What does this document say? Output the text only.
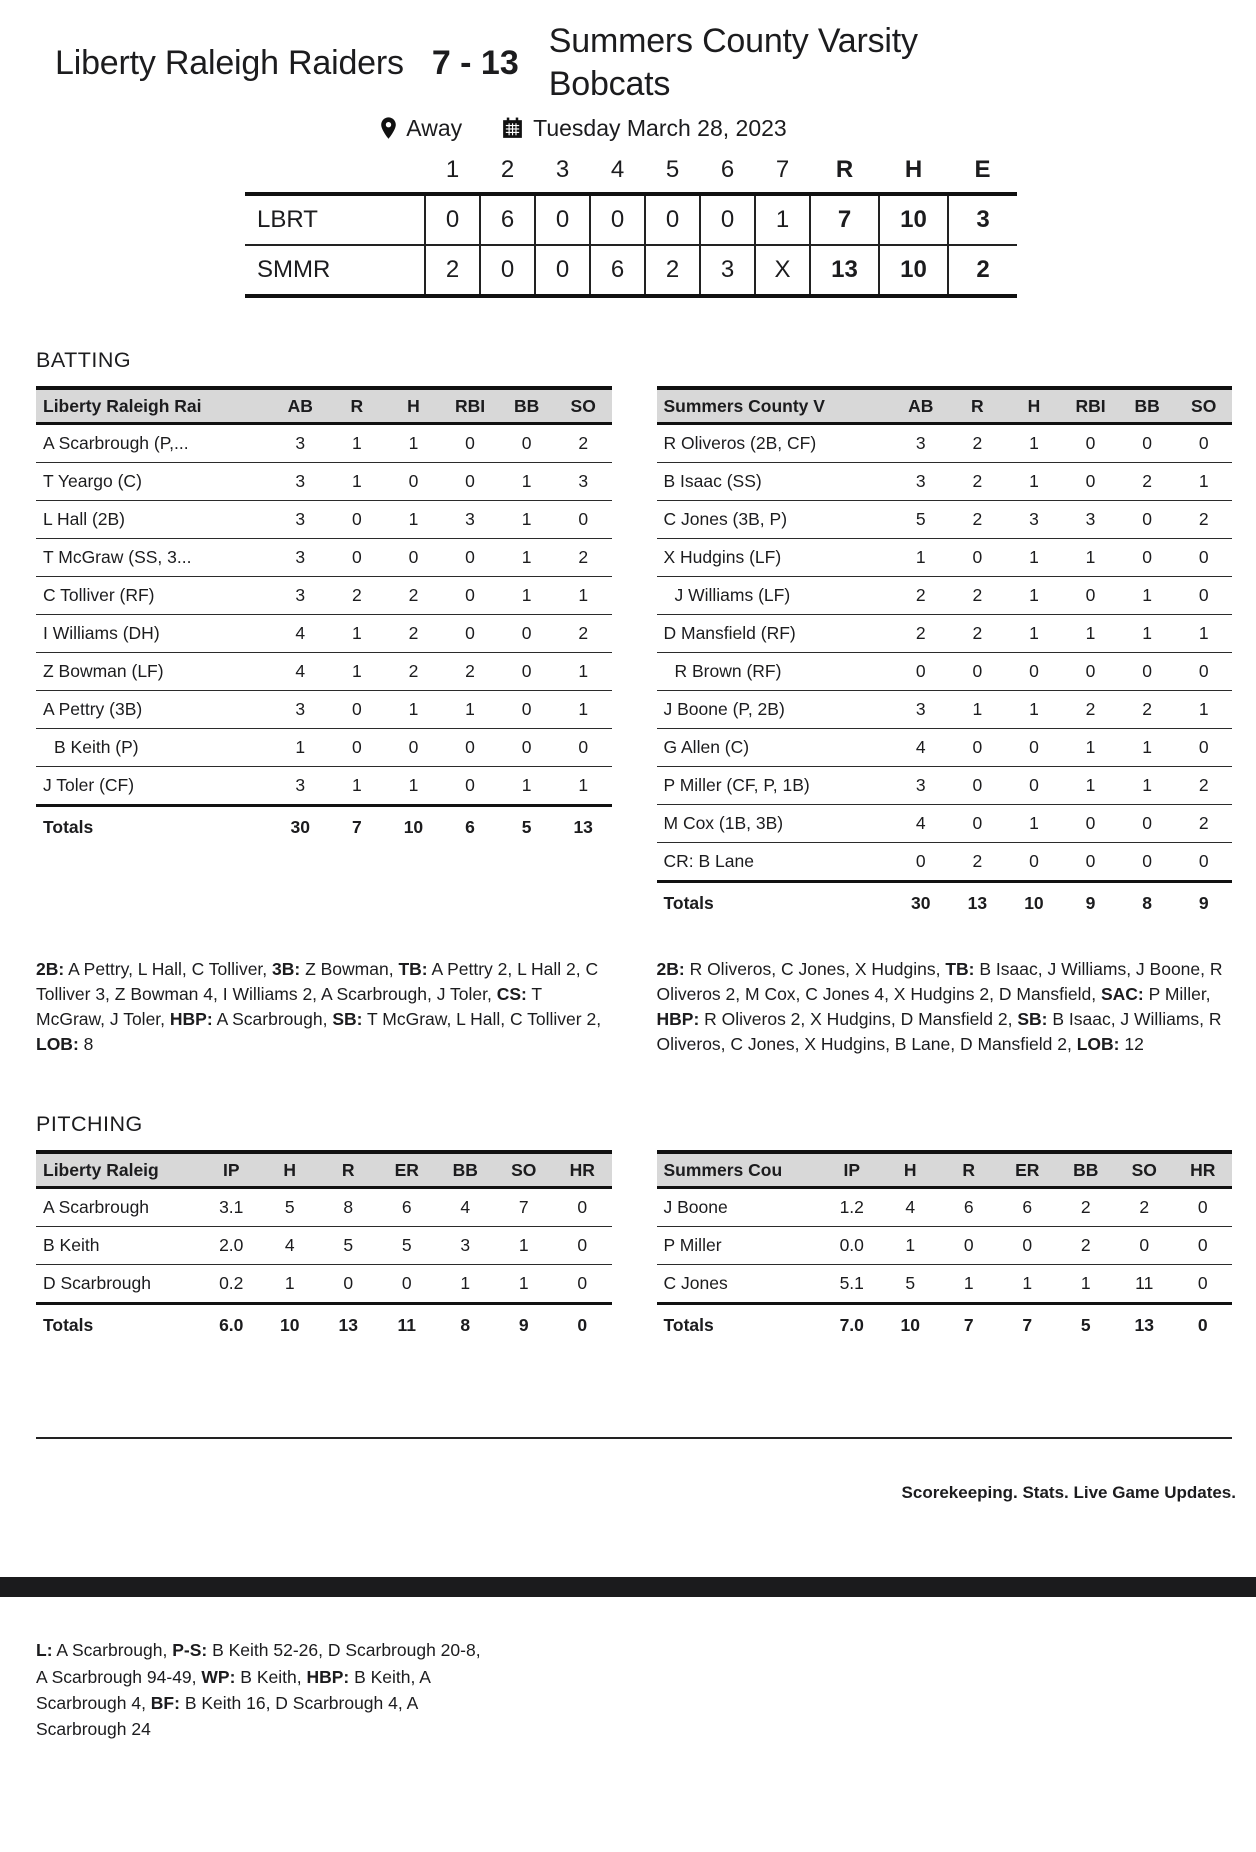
Liberty Raleigh Raiders 7 - 13
Summers County Varsity Bobcats
Away	Tuesday March 28, 2023
	1	2	3	4	5	6	7	R	H	E
LBRT	0	6	0	0	0	0	1	7	10	3
SMMR	2	0	0	6	2	3	X	13	10	2
BATTING
Liberty Raleigh Rai	AB	R	H	RBI	BB	SO
A Scarbrough (P,...	3	1	1	0	0	2
T Yeargo (C)	3	1	0	0	1	3
L Hall (2B)	3	0	1	3	1	0
T McGraw (SS, 3...	3	0	0	0	1	2
C Tolliver (RF)	3	2	2	0	1	1
I Williams (DH)	4	1	2	0	0	2
Z Bowman (LF)	4	1	2	2	0	1
A Pettry (3B)	3	0	1	1	0	1
B Keith (P)	1	0	0	0	0	0
J Toler (CF)	3	1	1	0	1	1
Totals	30	7	10	6	5	13
Summers County V	AB	R	H	RBI	BB	SO
R Oliveros (2B, CF)	3	2	1	0	0	0
B Isaac (SS)	3	2	1	0	2	1
C Jones (3B, P)	5	2	3	3	0	2
X Hudgins (LF)	1	0	1	1	0	0
J Williams (LF)	2	2	1	0	1	0
D Mansfield (RF)	2	2	1	1	1	1
R Brown (RF)	0	0	0	0	0	0
J Boone (P, 2B)	3	1	1	2	2	1
G Allen (C)	4	0	0	1	1	0
P Miller (CF, P, 1B)	3	0	0	1	1	2
M Cox (1B, 3B)	4	0	1	0	0	2
CR: B Lane	0	2	0	0	0	0
Totals	30	13	10	9	8	9

2B: A Pettry, L Hall, C Tolliver, 3B: Z Bowman, TB: A Pettry 2, L Hall 2, C Tolliver 3, Z Bowman 4, I Williams 2, A Scarbrough, J Toler, CS: T McGraw, J Toler, HBP: A Scarbrough, SB: T McGraw, L Hall, C Tolliver 2, LOB: 8

2B: R Oliveros, C Jones, X Hudgins, TB: B Isaac, J Williams, J Boone, R Oliveros 2, M Cox, C Jones 4, X Hudgins 2, D Mansfield, SAC: P Miller, HBP: R Oliveros 2, X Hudgins, D Mansfield 2, SB: B Isaac, J Williams, R Oliveros, C Jones, X Hudgins, B Lane, D Mansfield 2, LOB: 12

PITCHING
Liberty Raleig	IP	H	R	ER	BB	SO	HR
A Scarbrough	3.1	5	8	6	4	7	0
B Keith	2.0	4	5	5	3	1	0
D Scarbrough	0.2	1	0	0	1	1	0
Totals	6.0	10	13	11	8	9	0
Summers Cou	IP	H	R	ER	BB	SO	HR
J Boone	1.2	4	6	6	2	2	0
P Miller	0.0	1	0	0	2	0	0
C Jones	5.1	5	1	1	1	11	0
Totals	7.0	10	7	7	5	13	0
Scorekeeping. Stats. Live Game Updates.

L: A Scarbrough, P-S: B Keith 52-26, D Scarbrough 20-8, A Scarbrough 94-49, WP: B Keith, HBP: B Keith, A Scarbrough 4, BF: B Keith 16, D Scarbrough 4, A Scarbrough 24
